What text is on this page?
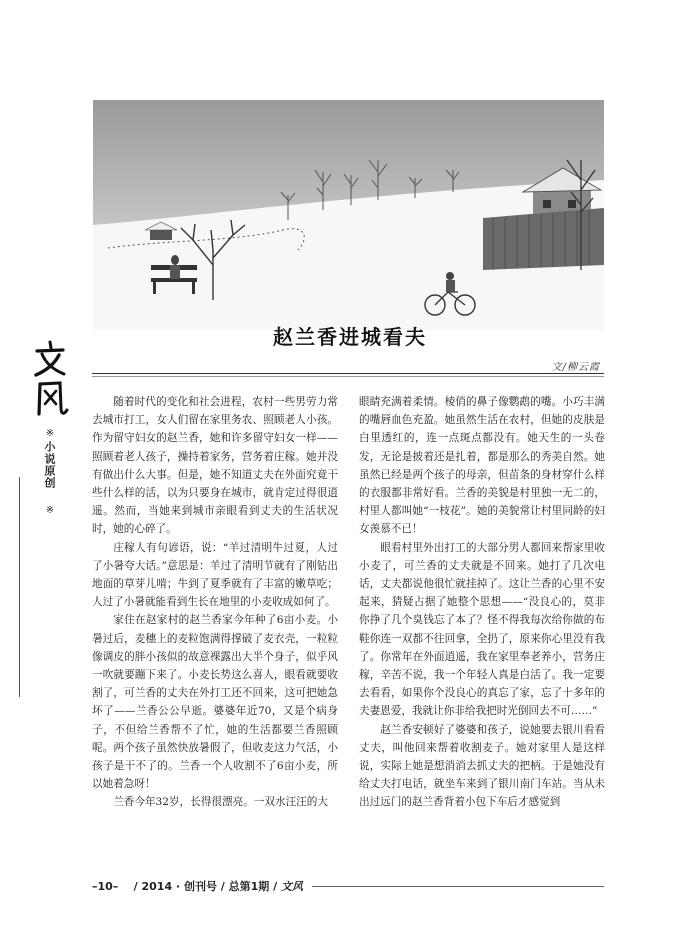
赵兰香进城看夫
文/柳云霞
※
小说原创
※

随着时代的变化和社会进程，农村一些男劳力常去城市打工，女人们留在家里务农、照顾老人小孩。作为留守妇女的赵兰香，她和许多留守妇女一样——照顾着老人孩子，操持着家务，营务着庄稼。她并没有做出什么大事。但是，她不知道丈夫在外面究竟干些什么样的活，以为只要身在城市，就肯定过得很逍遥。然而，当她来到城市亲眼看到丈夫的生活状况时，她的心碎了。

庄稼人有句谚语，说：“羊过清明牛过夏，人过了小暑夸大话。”意思是：羊过了清明节就有了刚钻出地面的草芽儿啃；牛到了夏季就有了丰富的嫩草吃；人过了小暑就能看到生长在地里的小麦收成如何了。

家住在赵家村的赵兰香家今年种了6亩小麦。小暑过后，麦穗上的麦粒饱满得撑破了麦衣壳，一粒粒像调皮的胖小孩似的故意裸露出大半个身子，似乎风一吹就要蹦下来了。小麦长势这么喜人，眼看就要收割了，可兰香的丈夫在外打工还不回来，这可把她急坏了——兰香公公早逝。婆婆年近70，又是个病身子，不但给兰香帮不了忙，她的生活都要兰香照顾呢。两个孩子虽然快放暑假了，但收麦这力气活，小孩子是干不了的。兰香一个人收割不了6亩小麦，所以她着急呀！

兰香今年32岁，长得很漂亮。一双水汪汪的大

眼睛充满着柔情。棱俏的鼻子像鹦鹉的嘴。小巧丰满的嘴唇血色充盈。她虽然生活在农村，但她的皮肤是白里透红的，连一点斑点都没有。她天生的一头卷发，无论是披着还是扎着，都是那么的秀美自然。她虽然已经是两个孩子的母亲，但苗条的身材穿什么样的衣服都非常好看。兰香的美貌是村里独一无二的，村里人都叫她“一枝花”。她的美貌常让村里同龄的妇女羡慕不已！

眼看村里外出打工的大部分男人都回来帮家里收小麦了，可兰香的丈夫就是不回来。她打了几次电话，丈夫都说他很忙就挂掉了。这让兰香的心里不安起来，猜疑占据了她整个思想——“没良心的，莫非你挣了几个臭钱忘了本了？怪不得我每次给你做的布鞋你连一双都不往回拿，全扔了，原来你心里没有我了。你常年在外面逍遥，我在家里奉老养小，营务庄稼，辛苦不说，我一个年轻人真是白活了。我一定要去看看，如果你个没良心的真忘了家，忘了十多年的夫妻恩爱，我就让你非给我把时光倒回去不可……”

赵兰香安顿好了婆婆和孩子，说她要去银川看看丈夫，叫他回来帮着收割麦子。她对家里人是这样说，实际上她是想消消去抓丈夫的把柄。于是她没有给丈夫打电话，就坐车来到了银川南门车站。当从未出过远门的赵兰香背着小包下车后才感觉到

–10– / 2014 · 创刊号 / 总第1期 / 文风
